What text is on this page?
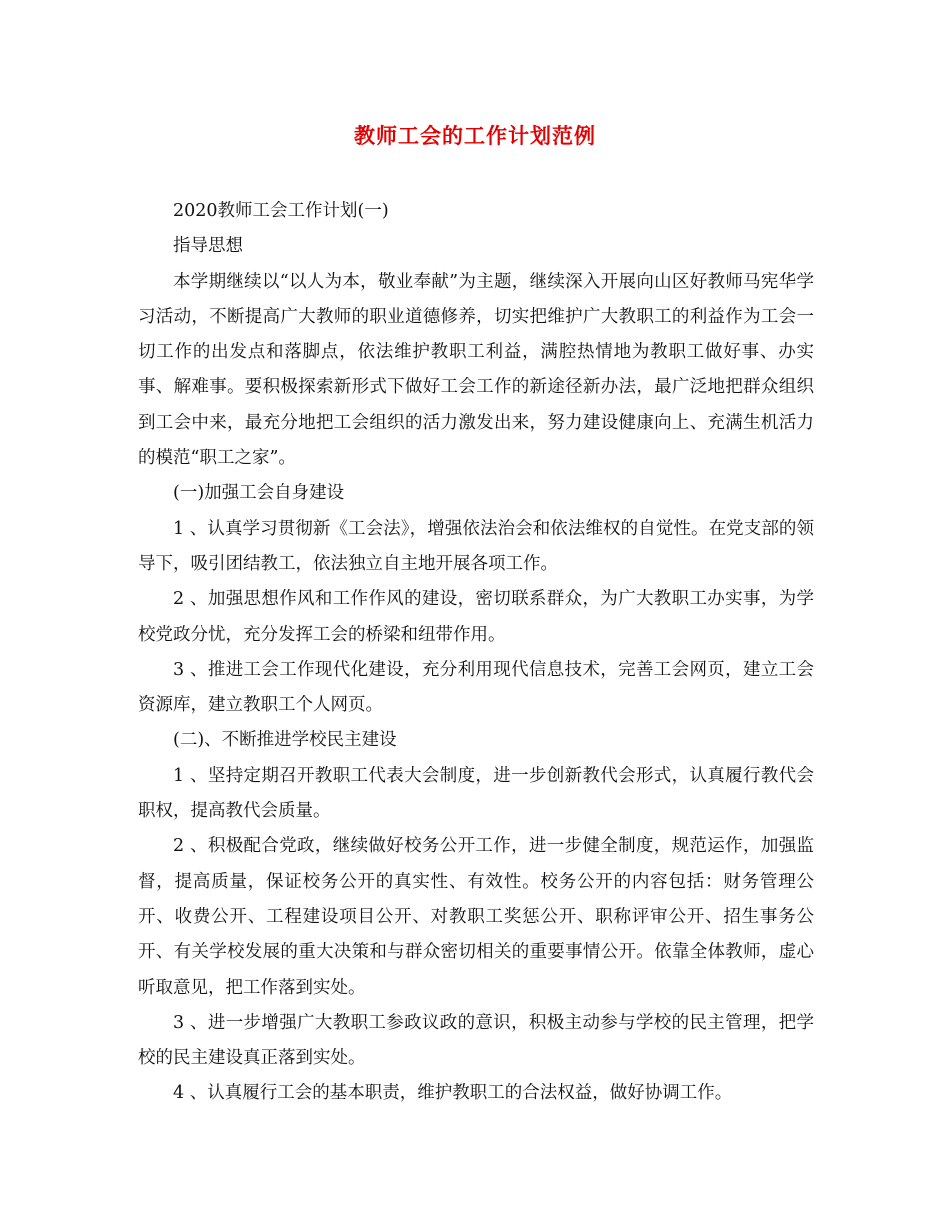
教师工会的工作计划范例

2020教师工会工作计划(一)

指导思想

本学期继续以“以人为本，敬业奉献”为主题，继续深入开展向山区好教师马宪华学习活动，不断提高广大教师的职业道德修养，切实把维护广大教职工的利益作为工会一切工作的出发点和落脚点，依法维护教职工利益，满腔热情地为教职工做好事、办实事、解难事。要积极探索新形式下做好工会工作的新途径新办法，最广泛地把群众组织到工会中来，最充分地把工会组织的活力激发出来，努力建设健康向上、充满生机活力的模范“职工之家”。

(一)加强工会自身建设

1 、认真学习贯彻新《工会法》，增强依法治会和依法维权的自觉性。在党支部的领导下，吸引团结教工，依法独立自主地开展各项工作。

2 、加强思想作风和工作作风的建设，密切联系群众，为广大教职工办实事，为学校党政分忧，充分发挥工会的桥梁和纽带作用。

3 、推进工会工作现代化建设，充分利用现代信息技术，完善工会网页，建立工会资源库，建立教职工个人网页。

(二)、不断推进学校民主建设

1 、坚持定期召开教职工代表大会制度，进一步创新教代会形式，认真履行教代会职权，提高教代会质量。

2 、积极配合党政，继续做好校务公开工作，进一步健全制度，规范运作，加强监督，提高质量，保证校务公开的真实性、有效性。校务公开的内容包括：财务管理公开、收费公开、工程建设项目公开、对教职工奖惩公开、职称评审公开、招生事务公开、有关学校发展的重大决策和与群众密切相关的重要事情公开。依靠全体教师，虚心听取意见，把工作落到实处。

3 、进一步增强广大教职工参政议政的意识，积极主动参与学校的民主管理，把学校的民主建设真正落到实处。

4 、认真履行工会的基本职责，维护教职工的合法权益，做好协调工作。
